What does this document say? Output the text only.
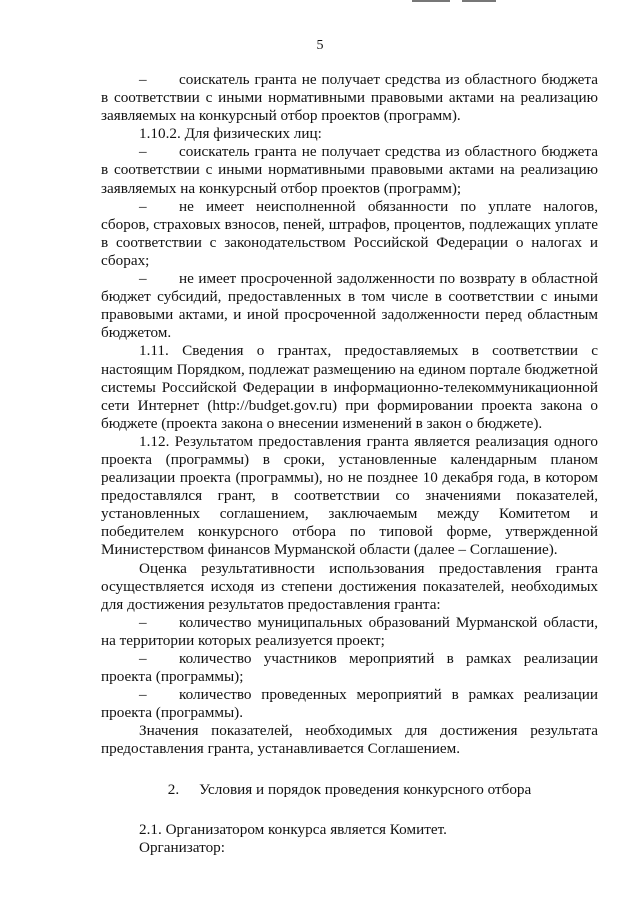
5

– соискатель гранта не получает средства из областного бюджета в соответствии с иными нормативными правовыми актами на реализацию заявляемых на конкурсный отбор проектов (программ).

1.10.2. Для физических лиц:

– соискатель гранта не получает средства из областного бюджета в соответствии с иными нормативными правовыми актами на реализацию заявляемых на конкурсный отбор проектов (программ);

– не имеет неисполненной обязанности по уплате налогов, сборов, страховых взносов, пеней, штрафов, процентов, подлежащих уплате в соответствии с законодательством Российской Федерации о налогах и сборах;

– не имеет просроченной задолженности по возврату в областной бюджет субсидий, предоставленных в том числе в соответствии с иными правовыми актами, и иной просроченной задолженности перед областным бюджетом.

1.11. Сведения о грантах, предоставляемых в соответствии с настоящим Порядком, подлежат размещению на едином портале бюджетной системы Российской Федерации в информационно-телекоммуникационной сети Интернет (http://budget.gov.ru) при формировании проекта закона о бюджете (проекта закона о внесении изменений в закон о бюджете).

1.12. Результатом предоставления гранта является реализация одного проекта (программы) в сроки, установленные календарным планом реализации проекта (программы), но не позднее 10 декабря года, в котором предоставлялся грант, в соответствии со значениями показателей, установленных соглашением, заключаемым между Комитетом и победителем конкурсного отбора по типовой форме, утвержденной Министерством финансов Мурманской области (далее – Соглашение).

Оценка результативности использования предоставления гранта осуществляется исходя из степени достижения показателей, необходимых для достижения результатов предоставления гранта:

– количество муниципальных образований Мурманской области, на территории которых реализуется проект;

– количество участников мероприятий в рамках реализации проекта (программы);

– количество проведенных мероприятий в рамках реализации проекта (программы).

Значения показателей, необходимых для достижения результата предоставления гранта, устанавливается Соглашением.

2. Условия и порядок проведения конкурсного отбора

2.1. Организатором конкурса является Комитет.

Организатор:
